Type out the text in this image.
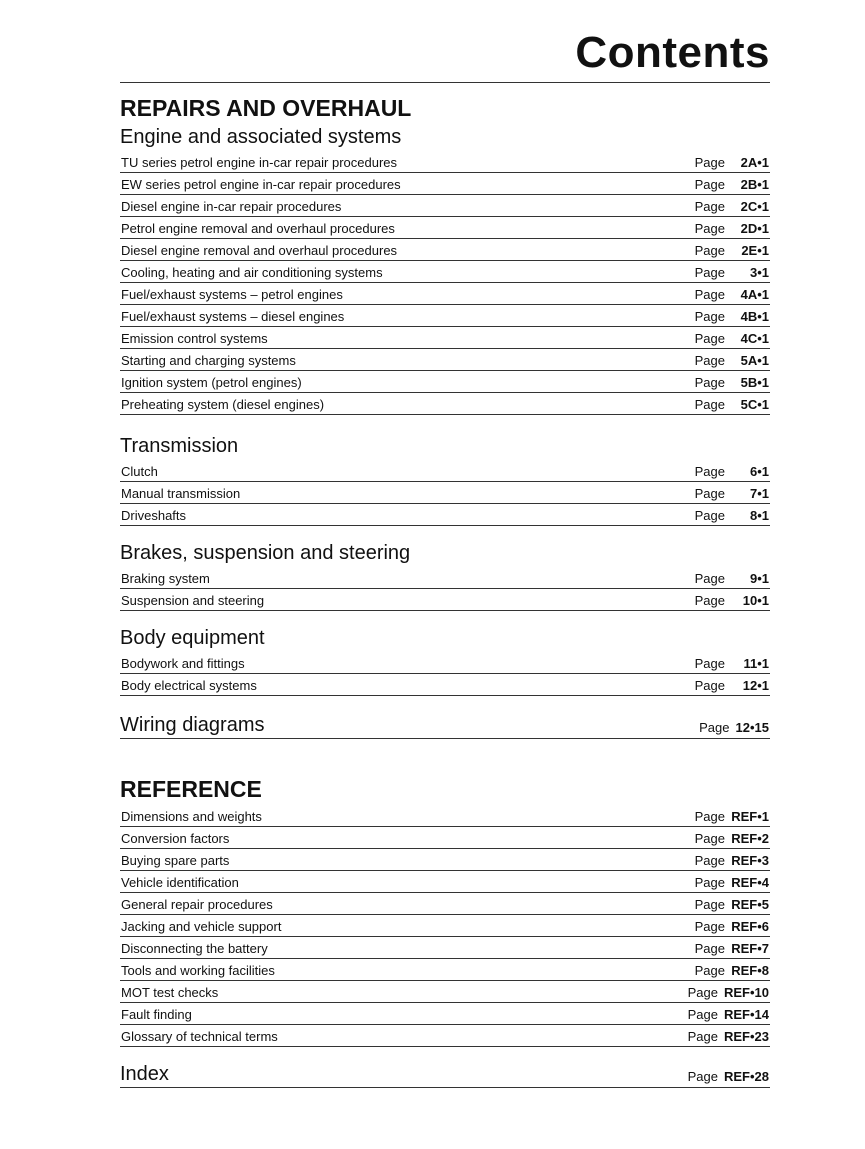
Contents
REPAIRS AND OVERHAUL
Engine and associated systems
TU series petrol engine in-car repair procedures	Page	2A•1
EW series petrol engine in-car repair procedures	Page	2B•1
Diesel engine in-car repair procedures	Page	2C•1
Petrol engine removal and overhaul procedures	Page	2D•1
Diesel engine removal and overhaul procedures	Page	2E•1
Cooling, heating and air conditioning systems	Page	3•1
Fuel/exhaust systems – petrol engines	Page	4A•1
Fuel/exhaust systems – diesel engines	Page	4B•1
Emission control systems	Page	4C•1
Starting and charging systems	Page	5A•1
Ignition system (petrol engines)	Page	5B•1
Preheating system (diesel engines)	Page	5C•1
Transmission
Clutch	Page	6•1
Manual transmission	Page	7•1
Driveshafts	Page	8•1
Brakes, suspension and steering
Braking system	Page	9•1
Suspension and steering	Page	10•1
Body equipment
Bodywork and fittings	Page	11•1
Body electrical systems	Page	12•1
Wiring diagrams	Page 12•15
REFERENCE
Dimensions and weights	Page REF•1
Conversion factors	Page REF•2
Buying spare parts	Page REF•3
Vehicle identification	Page REF•4
General repair procedures	Page REF•5
Jacking and vehicle support	Page REF•6
Disconnecting the battery	Page REF•7
Tools and working facilities	Page REF•8
MOT test checks	Page REF•10
Fault finding	Page REF•14
Glossary of technical terms	Page REF•23
Index	Page REF•28
